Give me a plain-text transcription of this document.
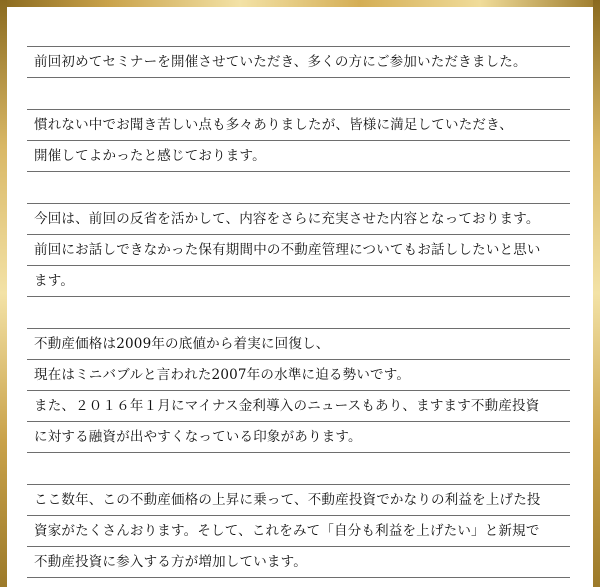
前回初めてセミナーを開催させていただき、多くの方にご参加いただきました。
慣れない中でお聞き苦しい点も多々ありましたが、皆様に満足していただき、
開催してよかったと感じております。
今回は、前回の反省を活かして、内容をさらに充実させた内容となっております。
前回にお話しできなかった保有期間中の不動産管理についてもお話ししたいと思い
ます。
不動産価格は2009年の底値から着実に回復し、
現在はミニバブルと言われた2007年の水準に迫る勢いです。
また、２０１６年１月にマイナス金利導入のニュースもあり、ますます不動産投資
に対する融資が出やすくなっている印象があります。
ここ数年、この不動産価格の上昇に乗って、不動産投資でかなりの利益を上げた投
資家がたくさんおります。そして、これをみて「自分も利益を上げたい」と新規で
不動産投資に参入する方が増加しています。
